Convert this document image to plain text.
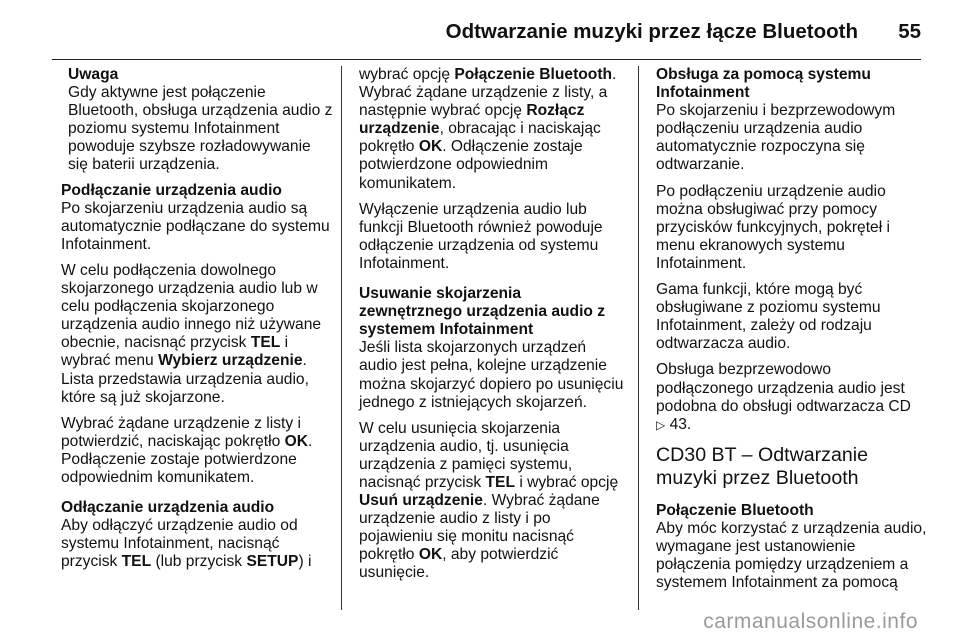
Odtwarzanie muzyki przez łącze Bluetooth 55
Uwaga
Gdy aktywne jest połączenie Bluetooth, obsługa urządzenia audio z poziomu systemu Infotainment powoduje szybsze rozładowywanie się baterii urządzenia.
Podłączanie urządzenia audio

Po skojarzeniu urządzenia audio są automatycznie podłączane do systemu Infotainment.

W celu podłączenia dowolnego skojarzonego urządzenia audio lub w celu podłączenia skojarzonego urządzenia audio innego niż używane obecnie, nacisnąć przycisk TEL i wybrać menu Wybierz urządzenie. Lista przedstawia urządzenia audio, które są już skojarzone.

Wybrać żądane urządzenie z listy i potwierdzić, naciskając pokrętło OK. Podłączenie zostaje potwierdzone odpowiednim komunikatem.

Odłączanie urządzenia audio

Aby odłączyć urządzenie audio od systemu Infotainment, nacisnąć przycisk TEL (lub przycisk SETUP) i

wybrać opcję Połączenie Bluetooth. Wybrać żądane urządzenie z listy, a następnie wybrać opcję Rozłącz urządzenie, obracając i naciskając pokrętło OK. Odłączenie zostaje potwierdzone odpowiednim komunikatem.

Wyłączenie urządzenia audio lub funkcji Bluetooth również powoduje odłączenie urządzenia od systemu Infotainment.

Usuwanie skojarzenia zewnętrznego urządzenia audio z systemem Infotainment

Jeśli lista skojarzonych urządzeń audio jest pełna, kolejne urządzenie można skojarzyć dopiero po usunięciu jednego z istniejących skojarzeń.

W celu usunięcia skojarzenia urządzenia audio, tj. usunięcia urządzenia z pamięci systemu, nacisnąć przycisk TEL i wybrać opcję Usuń urządzenie. Wybrać żądane urządzenie audio z listy i po pojawieniu się monitu nacisnąć pokrętło OK, aby potwierdzić usunięcie.

Obsługa za pomocą systemu Infotainment

Po skojarzeniu i bezprzewodowym podłączeniu urządzenia audio automatycznie rozpoczyna się odtwarzanie.

Po podłączeniu urządzenie audio można obsługiwać przy pomocy przycisków funkcyjnych, pokręteł i menu ekranowych systemu Infotainment.

Gama funkcji, które mogą być obsługiwane z poziomu systemu Infotainment, zależy od rodzaju odtwarzacza audio.

Obsługa bezprzewodowo podłączonego urządzenia audio jest podobna do obsługi odtwarzacza CD
▷ 43.

CD30 BT – Odtwarzanie muzyki przez Bluetooth
Połączenie Bluetooth

Aby móc korzystać z urządzenia audio, wymagane jest ustanowienie połączenia pomiędzy urządzeniem a systemem Infotainment za pomocą

carmanualsonline.info
